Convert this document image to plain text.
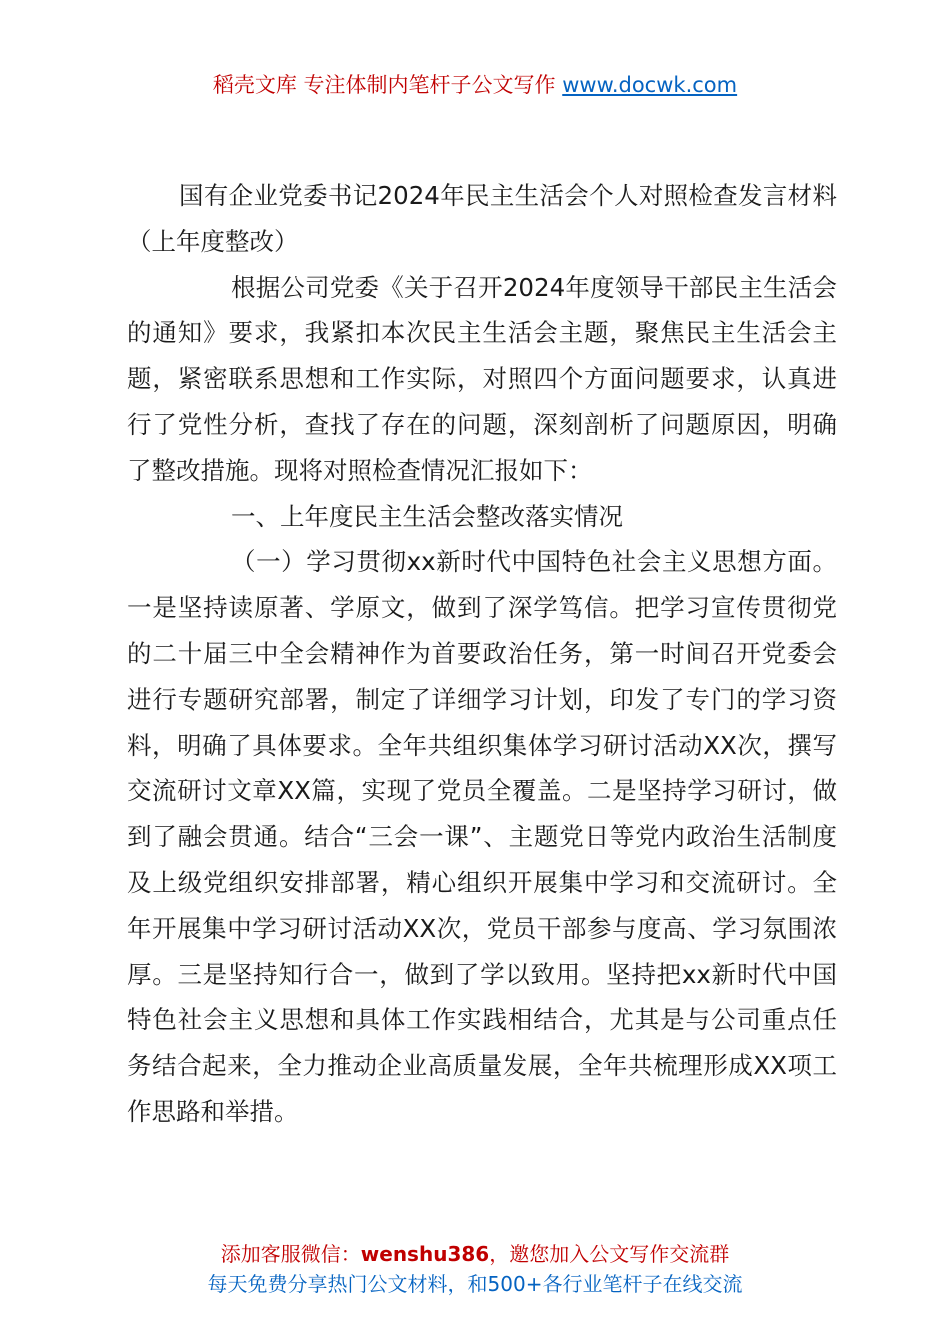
稻壳文库 专注体制内笔杆子公文写作 www.docwk.com

国有企业党委书记2024年民主生活会个人对照检查发言材料（上年度整改）

根据公司党委《关于召开2024年度领导干部民主生活会的通知》要求，我紧扣本次民主生活会主题，聚焦民主生活会主题，紧密联系思想和工作实际，对照四个方面问题要求，认真进行了党性分析，查找了存在的问题，深刻剖析了问题原因，明确了整改措施。现将对照检查情况汇报如下：

一、上年度民主生活会整改落实情况

（一）学习贯彻xx新时代中国特色社会主义思想方面。一是坚持读原著、学原文，做到了深学笃信。把学习宣传贯彻党的二十届三中全会精神作为首要政治任务，第一时间召开党委会进行专题研究部署，制定了详细学习计划，印发了专门的学习资料，明确了具体要求。全年共组织集体学习研讨活动XX次，撰写交流研讨文章XX篇，实现了党员全覆盖。二是坚持学习研讨，做到了融会贯通。结合“三会一课”、主题党日等党内政治生活制度及上级党组织安排部署，精心组织开展集中学习和交流研讨。全年开展集中学习研讨活动XX次，党员干部参与度高、学习氛围浓厚。三是坚持知行合一，做到了学以致用。坚持把xx新时代中国特色社会主义思想和具体工作实践相结合，尤其是与公司重点任务结合起来，全力推动企业高质量发展，全年共梳理形成XX项工作思路和举措。

添加客服微信：wenshu386，邀您加入公文写作交流群
每天免费分享热门公文材料，和500+各行业笔杆子在线交流
